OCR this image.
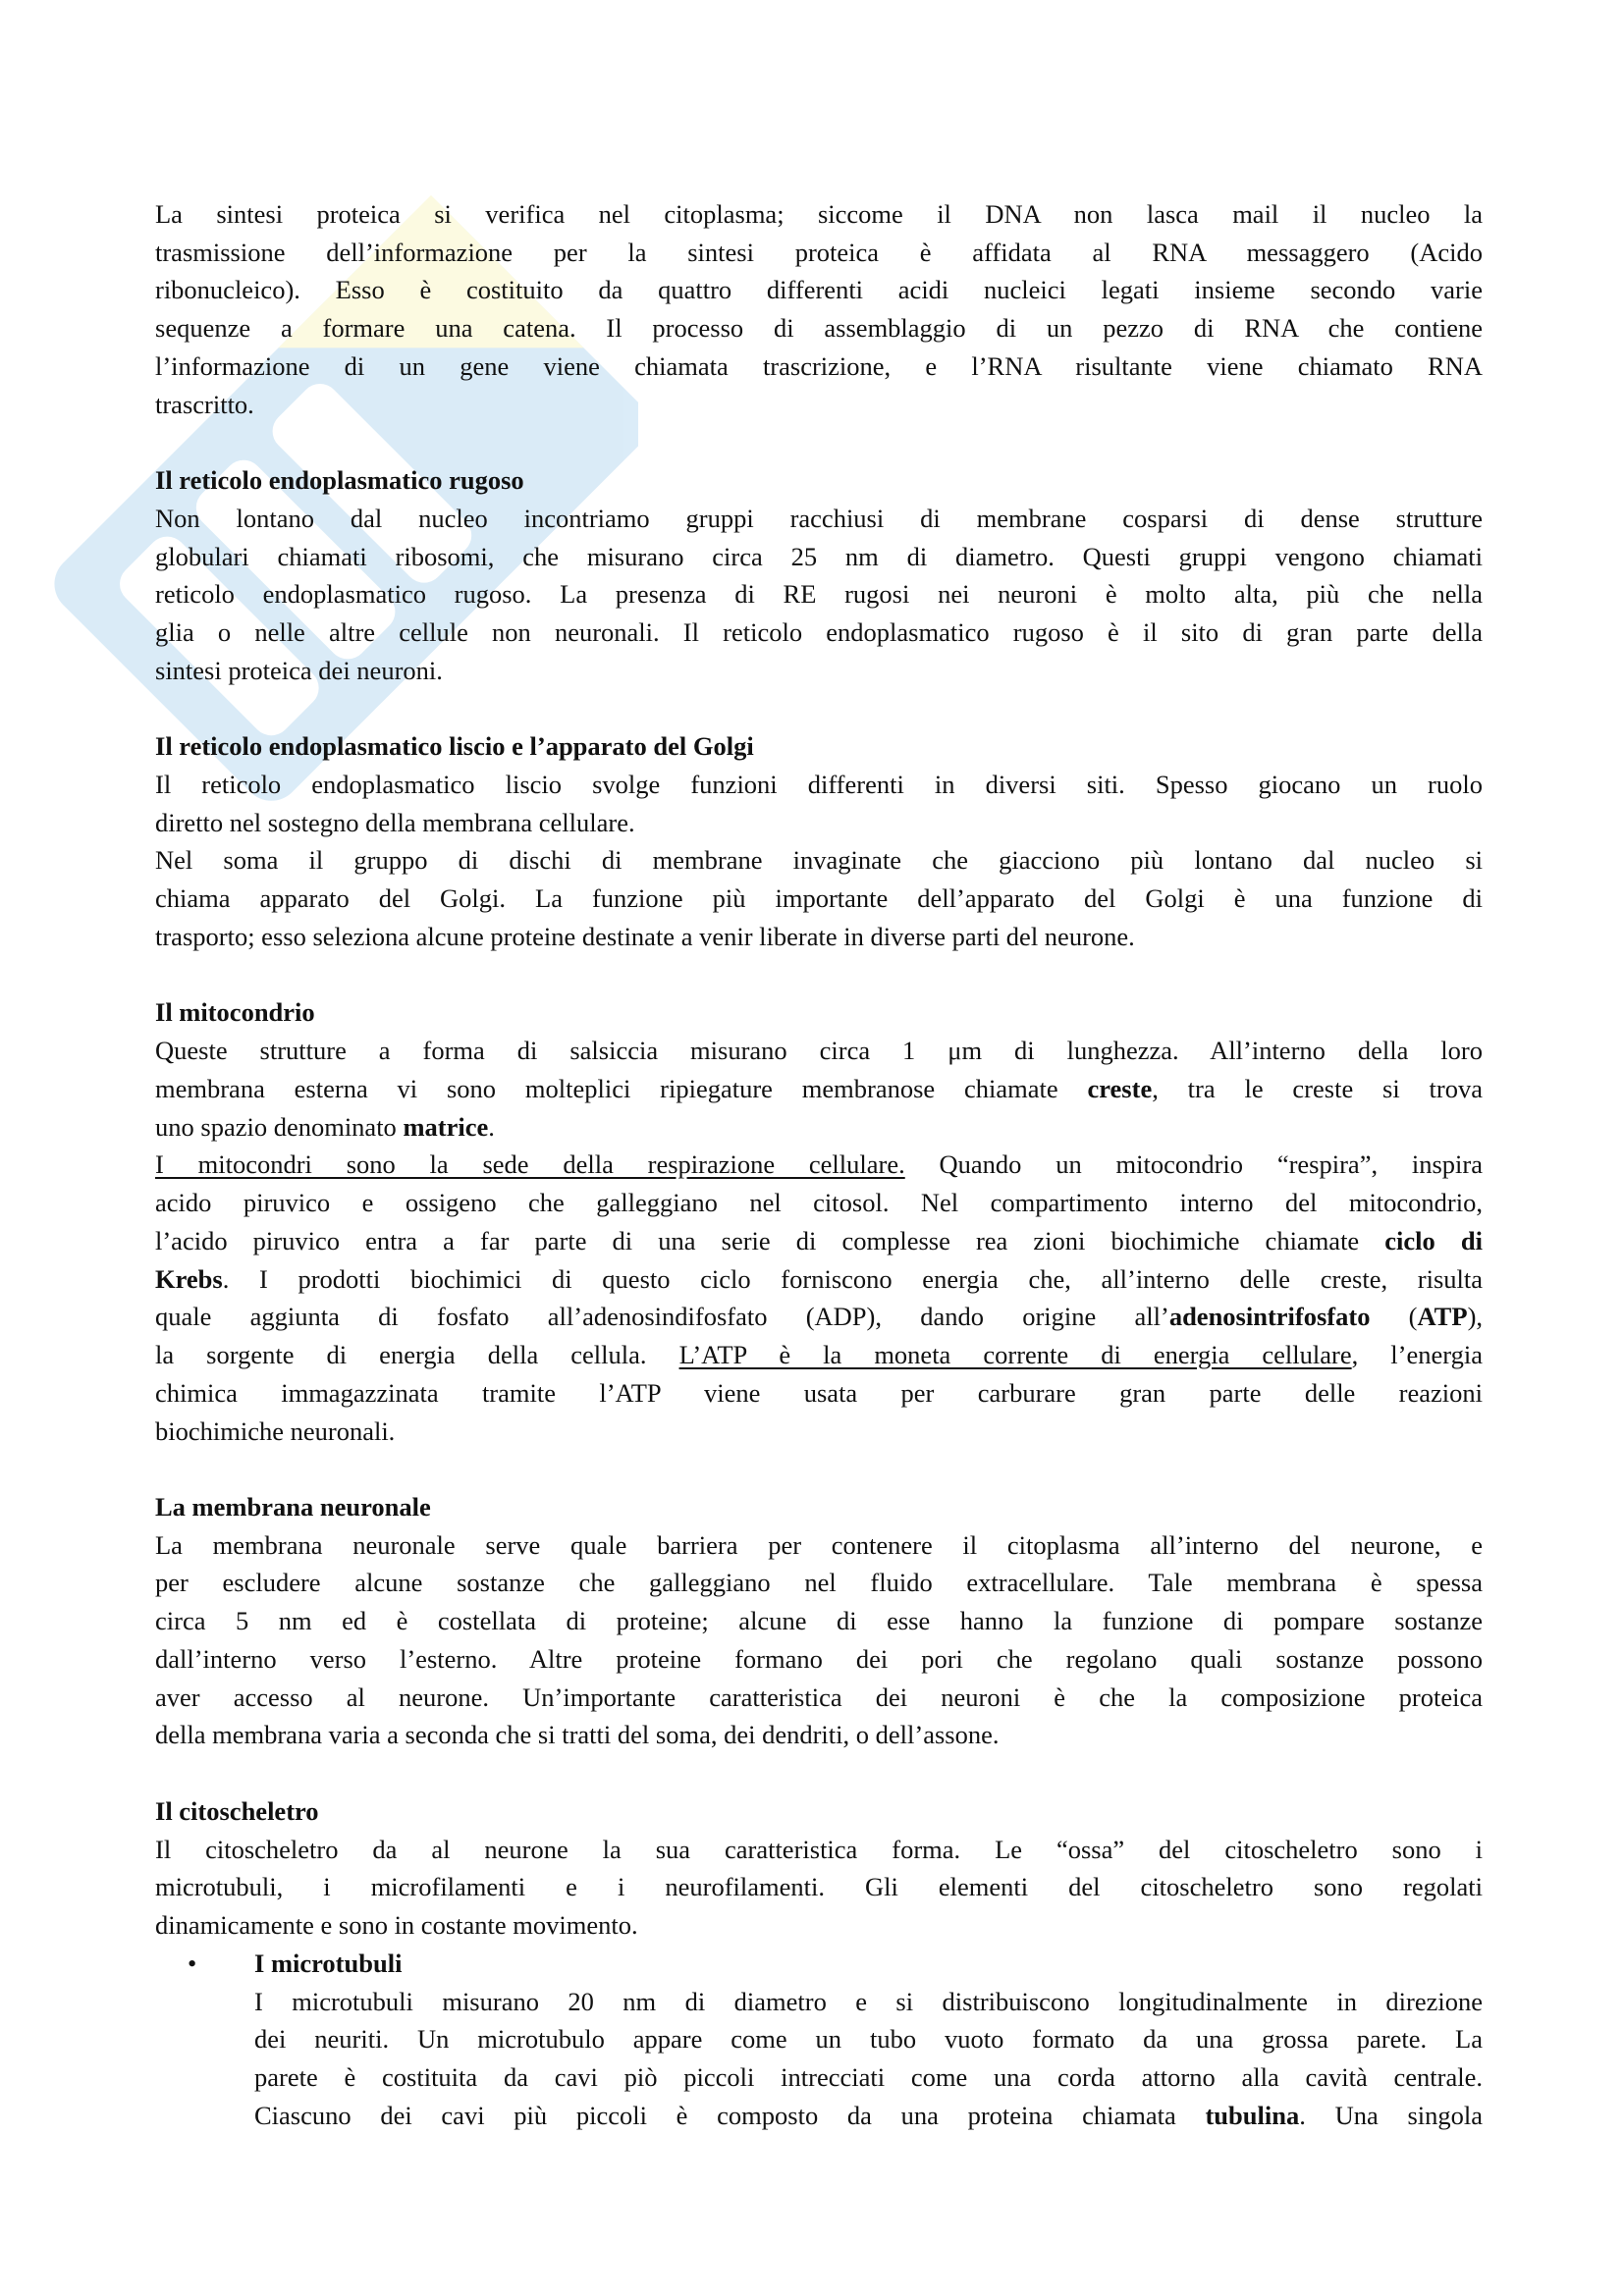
La sintesi proteica si verifica nel citoplasma; siccome il DNA non lasca mail il nucleo la
trasmissione dell’informazione per la sintesi proteica è affidata al RNA messaggero (Acido
ribonucleico). Esso è costituito da quattro differenti acidi nucleici legati insieme secondo varie
sequenze a formare una catena. Il processo di assemblaggio di un pezzo di RNA che contiene
l’informazione di un gene viene chiamata trascrizione, e l’RNA risultante viene chiamato RNA
trascritto.
Il reticolo endoplasmatico rugoso
Non lontano dal nucleo incontriamo gruppi racchiusi di membrane cosparsi di dense strutture
globulari chiamati ribosomi, che misurano circa 25 nm di diametro. Questi gruppi vengono chiamati
reticolo endoplasmatico rugoso. La presenza di RE rugosi nei neuroni è molto alta, più che nella
glia o nelle altre cellule non neuronali. Il reticolo endoplasmatico rugoso è il sito di gran parte della
sintesi proteica dei neuroni.
Il reticolo endoplasmatico liscio e l’apparato del Golgi
Il reticolo endoplasmatico liscio svolge funzioni differenti in diversi siti. Spesso giocano un ruolo
diretto nel sostegno della membrana cellulare.
Nel soma il gruppo di dischi di membrane invaginate che giacciono più lontano dal nucleo si
chiama apparato del Golgi. La funzione più importante dell’apparato del Golgi è una funzione di
trasporto; esso seleziona alcune proteine destinate a venir liberate in diverse parti del neurone.
Il mitocondrio
Queste strutture a forma di salsiccia misurano circa 1 μm di lunghezza. All’interno della loro
membrana esterna vi sono molteplici ripiegature membranose chiamate creste, tra le creste si trova
uno spazio denominato matrice.
I mitocondri sono la sede della respirazione cellulare. Quando un mitocondrio “respira”, inspira
acido piruvico e ossigeno che galleggiano nel citosol. Nel compartimento interno del mitocondrio,
l’acido piruvico entra a far parte di una serie di complesse rea zioni biochimiche chiamate ciclo di
Krebs. I prodotti biochimici di questo ciclo forniscono energia che, all’interno delle creste, risulta
quale aggiunta di fosfato all’adenosindifosfato (ADP), dando origine all’adenosintrifosfato (ATP),
la sorgente di energia della cellula. L’ATP è la moneta corrente di energia cellulare, l’energia
chimica immagazzinata tramite l’ATP viene usata per carburare gran parte delle reazioni
biochimiche neuronali.
La membrana neuronale
La membrana neuronale serve quale barriera per contenere il citoplasma all’interno del neurone, e
per escludere alcune sostanze che galleggiano nel fluido extracellulare. Tale membrana è spessa
circa 5 nm ed è costellata di proteine; alcune di esse hanno la funzione di pompare sostanze
dall’interno verso l’esterno. Altre proteine formano dei pori che regolano quali sostanze possono
aver accesso al neurone. Un’importante caratteristica dei neuroni è che la composizione proteica
della membrana varia a seconda che si tratti del soma, dei dendriti, o dell’assone.
Il citoscheletro
Il citoscheletro da al neurone la sua caratteristica forma. Le “ossa” del citoscheletro sono i
microtubuli, i microfilamenti e i neurofilamenti. Gli elementi del citoscheletro sono regolati
dinamicamente e sono in costante movimento.
• I microtubuli
I microtubuli misurano 20 nm di diametro e si distribuiscono longitudinalmente in direzione
dei neuriti. Un microtubulo appare come un tubo vuoto formato da una grossa parete. La
parete è costituita da cavi piò piccoli intrecciati come una corda attorno alla cavità centrale.
Ciascuno dei cavi più piccoli è composto da una proteina chiamata tubulina. Una singola
